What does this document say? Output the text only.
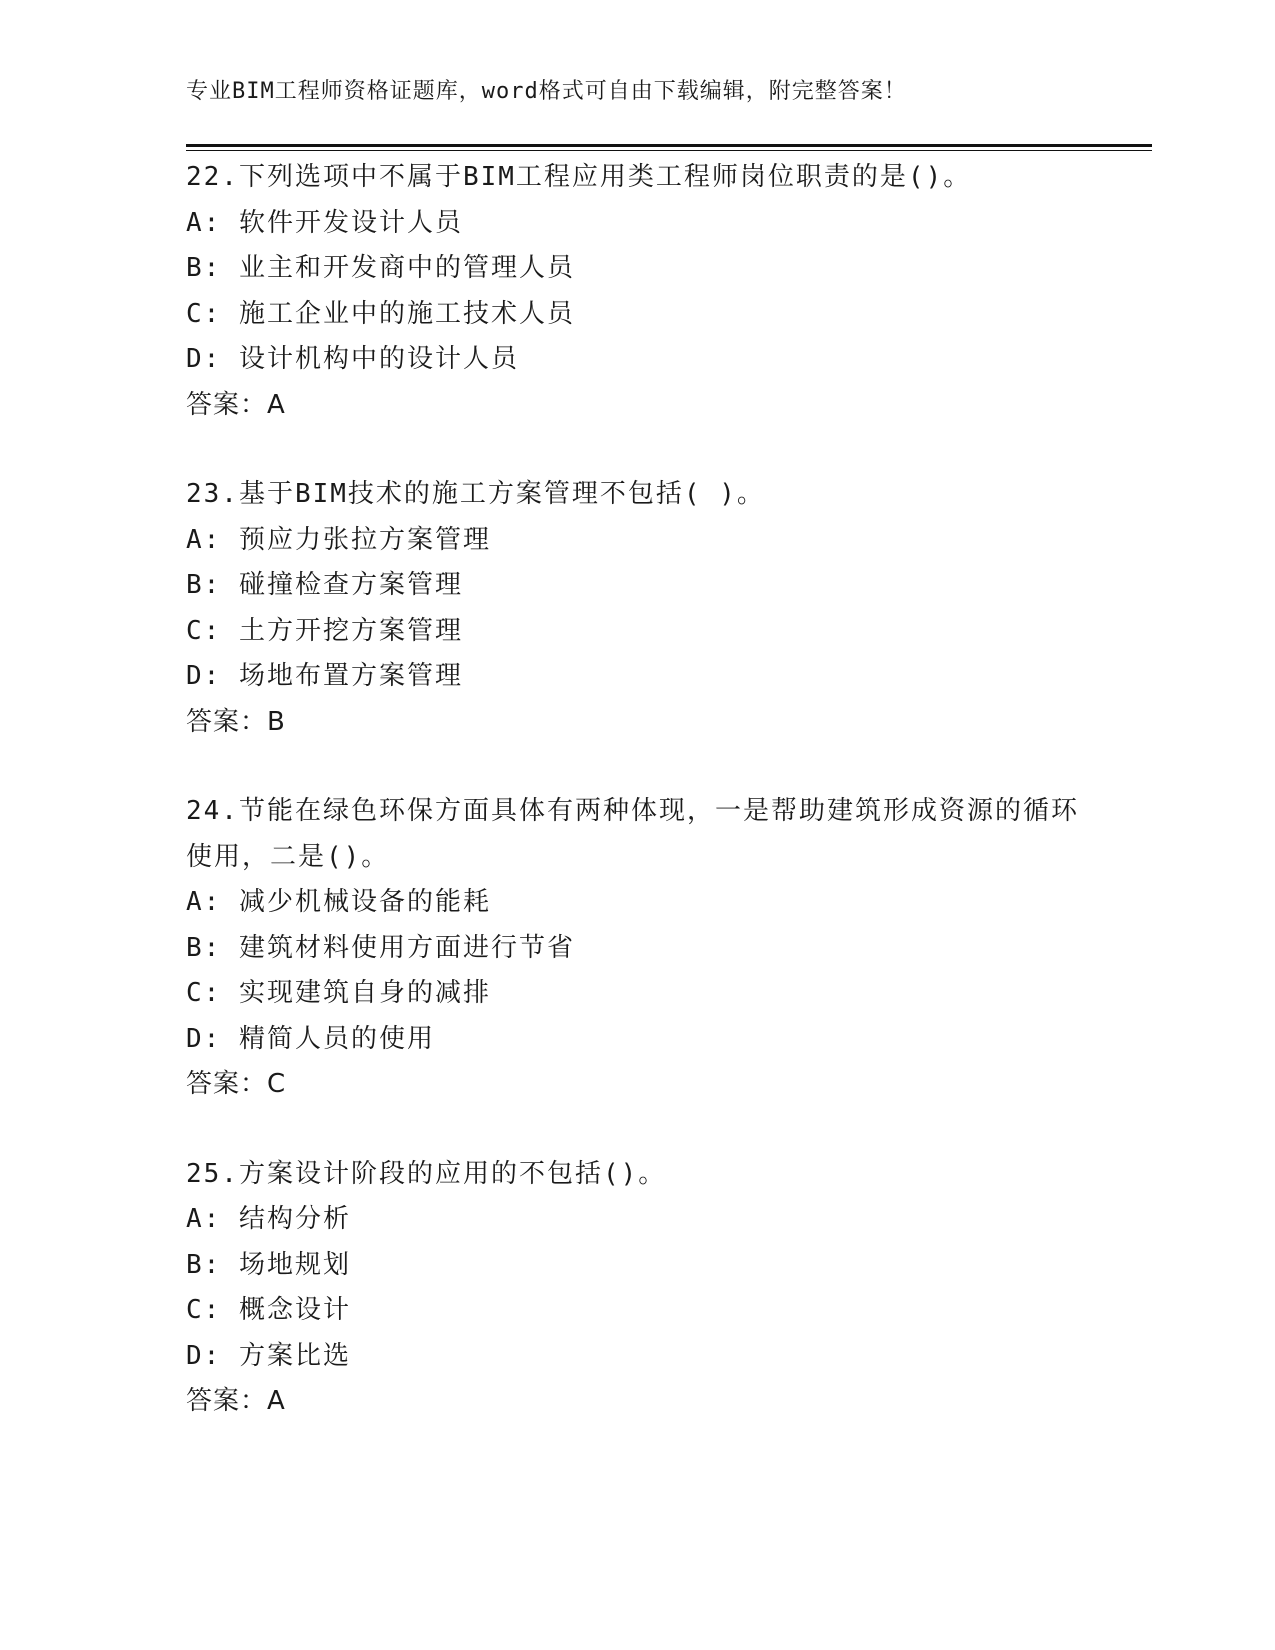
专业BIM工程师资格证题库，word格式可自由下载编辑，附完整答案！
22.下列选项中不属于BIM工程应用类工程师岗位职责的是()。
A: 软件开发设计人员
B: 业主和开发商中的管理人员
C: 施工企业中的施工技术人员
D: 设计机构中的设计人员
答案：A
23.基于BIM技术的施工方案管理不包括( )。
A: 预应力张拉方案管理
B: 碰撞检查方案管理
C: 土方开挖方案管理
D: 场地布置方案管理
答案：B
24.节能在绿色环保方面具体有两种体现，一是帮助建筑形成资源的循环使用，二是()。
A: 减少机械设备的能耗
B: 建筑材料使用方面进行节省
C: 实现建筑自身的减排
D: 精简人员的使用
答案：C
25.方案设计阶段的应用的不包括()。
A: 结构分析
B: 场地规划
C: 概念设计
D: 方案比选
答案：A
